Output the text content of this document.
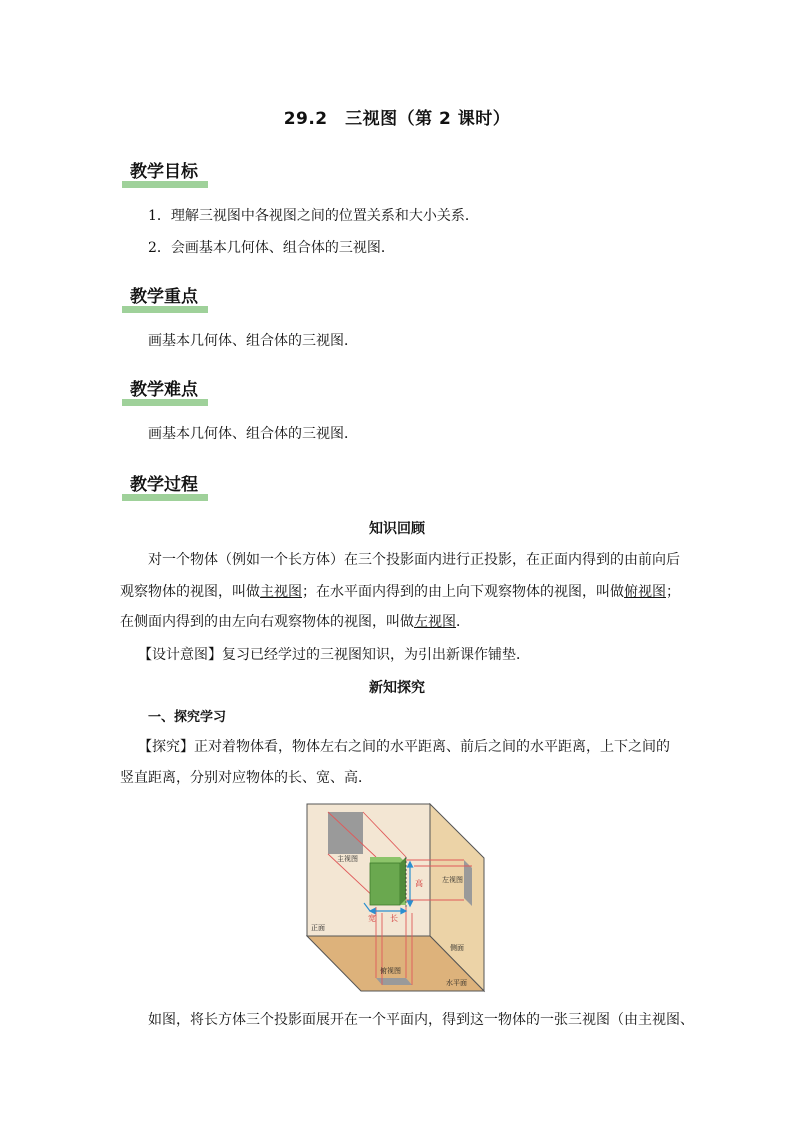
29.2　三视图（第 2 课时）
教学目标
1．理解三视图中各视图之间的位置关系和大小关系．
2．会画基本几何体、组合体的三视图．
教学重点
画基本几何体、组合体的三视图．
教学难点
画基本几何体、组合体的三视图．
教学过程
知识回顾
对一个物体（例如一个长方体）在三个投影面内进行正投影，在正面内得到的由前向后
观察物体的视图，叫做主视图；在水平面内得到的由上向下观察物体的视图，叫做俯视图；
在侧面内得到的由左向右观察物体的视图，叫做左视图．
【设计意图】复习已经学过的三视图知识，为引出新课作铺垫．
新知探究
一、探究学习
【探究】正对着物体看，物体左右之间的水平距离、前后之间的水平距离，上下之间的
竖直距离，分别对应物体的长、宽、高．
主视图
左视图
俯视图
正面
侧面
水平面
长
宽
高
如图，将长方体三个投影面展开在一个平面内，得到这一物体的一张三视图（由主视图、
